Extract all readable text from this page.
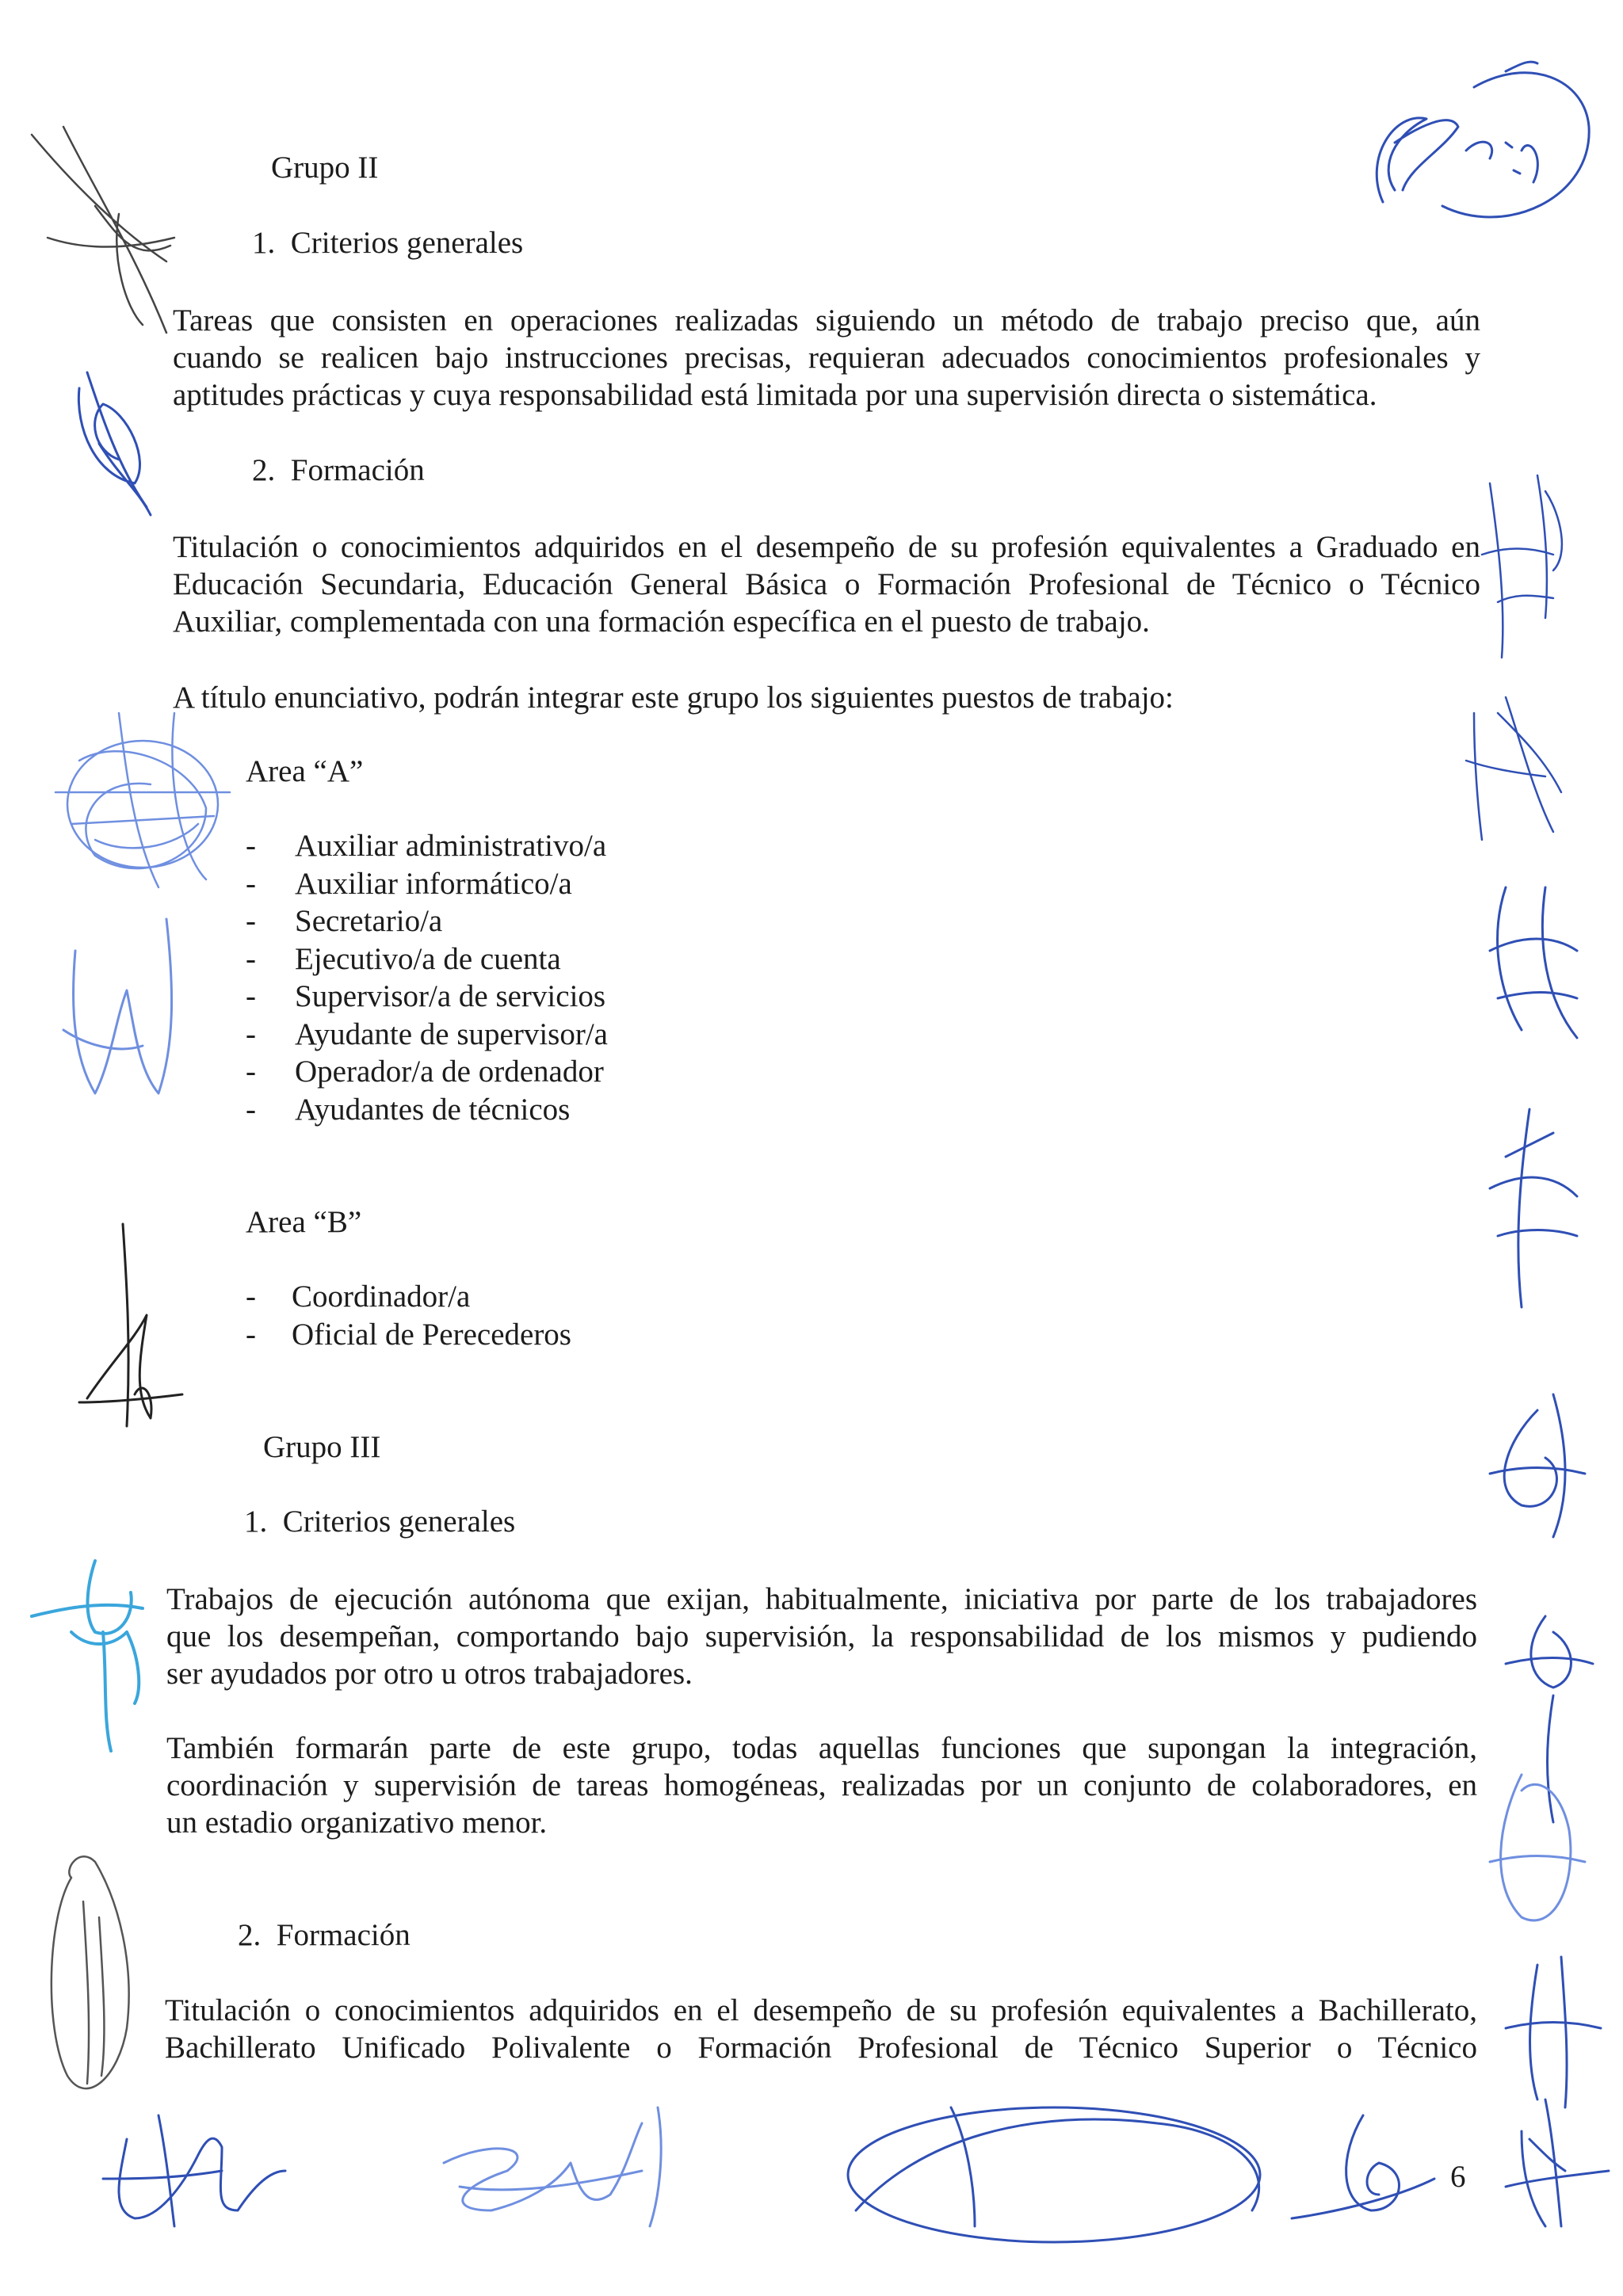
Grupo II
1.  Criterios generales
Tareas que consisten en operaciones realizadas siguiendo un método de trabajo preciso que, aún
cuando se realicen bajo instrucciones precisas, requieran adecuados conocimientos profesionales y
aptitudes prácticas y cuya responsabilidad está limitada por una supervisión directa o sistemática.
2.  Formación
Titulación o conocimientos adquiridos en el desempeño de su profesión equivalentes a Graduado en
Educación Secundaria, Educación General Básica o Formación Profesional de Técnico o Técnico
Auxiliar, complementada con una formación específica en el puesto de trabajo.
A título enunciativo, podrán integrar este grupo los siguientes puestos de trabajo:
Area “A”
- Auxiliar administrativo/a
- Auxiliar informático/a
- Secretario/a
- Ejecutivo/a de cuenta
- Supervisor/a de servicios
- Ayudante de supervisor/a
- Operador/a de ordenador
- Ayudantes de técnicos
Area “B”
- Coordinador/a
- Oficial de Perecederos
Grupo III
1.  Criterios generales
Trabajos de ejecución autónoma que exijan, habitualmente, iniciativa por parte de los trabajadores
que los desempeñan, comportando bajo supervisión, la responsabilidad de los mismos y pudiendo
ser ayudados por otro u otros trabajadores.
También formarán parte de este grupo, todas aquellas funciones que supongan la integración,
coordinación y supervisión de tareas homogéneas, realizadas por un conjunto de colaboradores, en
un estadio organizativo menor.
2.  Formación
Titulación o conocimientos adquiridos en el desempeño de su profesión equivalentes a Bachillerato,
Bachillerato Unificado Polivalente o Formación Profesional de Técnico Superior o Técnico
6
